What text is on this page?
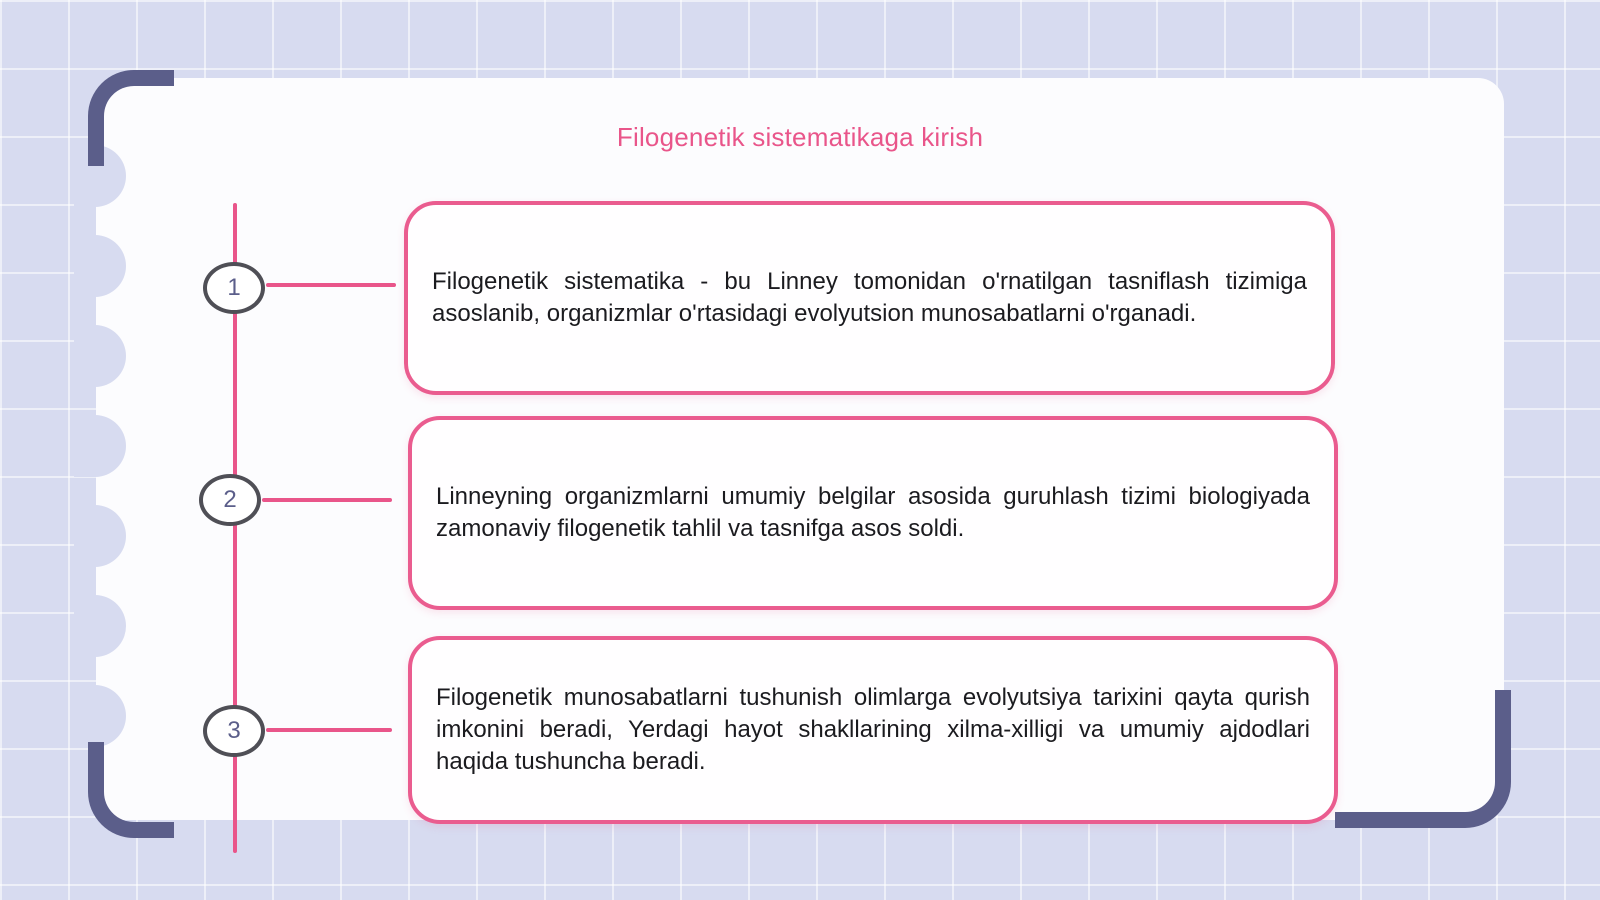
Filogenetik sistematikaga kirish
1
2
3
Filogenetik sistematika - bu Linney tomonidan o'rnatilgan tasniflash tizimiga asoslanib, organizmlar o'rtasidagi evolyutsion munosabatlarni o'rganadi.
Linneyning organizmlarni umumiy belgilar asosida guruhlash tizimi biologiyada zamonaviy filogenetik tahlil va tasnifga asos soldi.
Filogenetik munosabatlarni tushunish olimlarga evolyutsiya tarixini qayta qurish imkonini beradi, Yerdagi hayot shakllarining xilma-xilligi va umumiy ajdodlari haqida tushuncha beradi.
